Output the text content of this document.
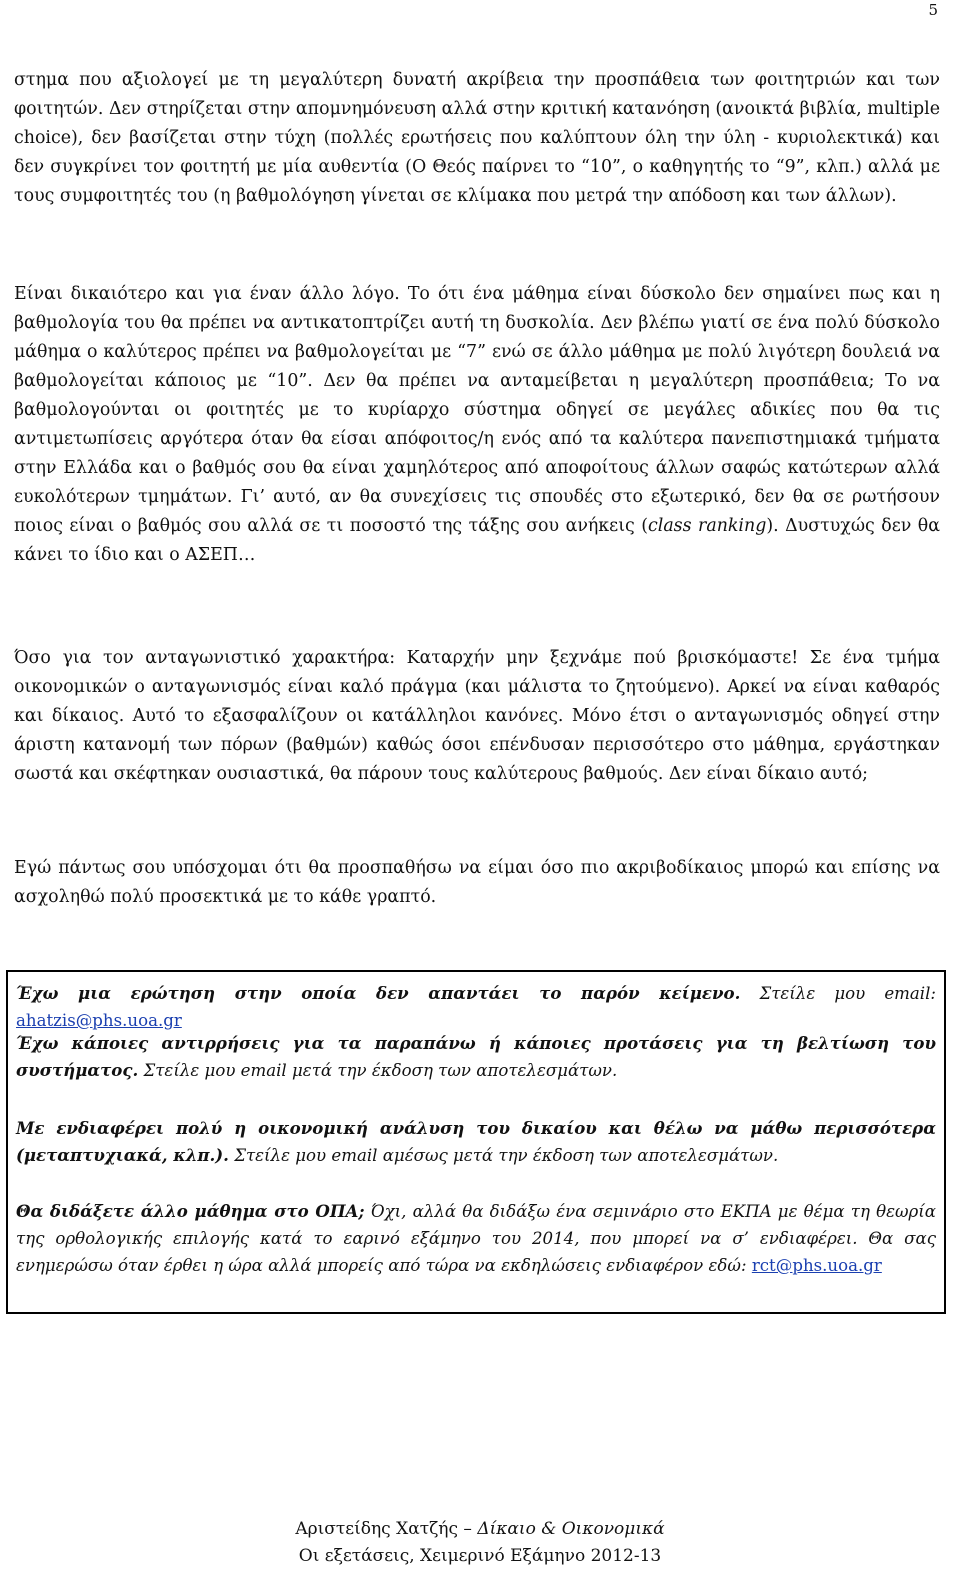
5

στημα που αξιολογεί με τη μεγαλύτερη δυνατή ακρίβεια την προσπάθεια των φοιτητριών και των φοιτητών. Δεν στηρίζεται στην απομνημόνευση αλλά στην κριτική κατανόηση (ανοικτά βιβλία, multiple choice), δεν βασίζεται στην τύχη (πολλές ερωτήσεις που καλύπτουν όλη την ύλη - κυριολεκτικά) και δεν συγκρίνει τον φοιτητή με μία αυθεντία (Ο Θεός παίρνει το “10”, ο καθηγητής το “9”, κλπ.) αλλά με τους συμφοιτητές του (η βαθμολόγηση γίνεται σε κλίμακα που μετρά την απόδοση και των άλλων).

Είναι δικαιότερο και για έναν άλλο λόγο. Το ότι ένα μάθημα είναι δύσκολο δεν σημαίνει πως και η βαθμολογία του θα πρέπει να αντικατοπτρίζει αυτή τη δυσκολία. Δεν βλέπω γιατί σε ένα πολύ δύσκολο μάθημα ο καλύτερος πρέπει να βαθμολογείται με “7” ενώ σε άλλο μάθημα με πολύ λιγότερη δουλειά να βαθμολογείται κάποιος με “10”. Δεν θα πρέπει να ανταμείβεται η μεγαλύτερη προσπάθεια; Το να βαθμολογούνται οι φοιτητές με το κυρίαρχο σύστημα οδηγεί σε μεγάλες αδικίες που θα τις αντιμετωπίσεις αργότερα όταν θα είσαι απόφοιτος/η ενός από τα καλύτερα πανεπιστημιακά τμήματα στην Ελλάδα και ο βαθμός σου θα είναι χαμηλότερος από αποφοίτους άλλων σαφώς κατώτερων αλλά ευκολότερων τμημάτων. Γι’ αυτό, αν θα συνεχίσεις τις σπουδές στο εξωτερικό, δεν θα σε ρωτήσουν ποιος είναι ο βαθμός σου αλλά σε τι ποσοστό της τάξης σου ανήκεις (class ranking). Δυστυχώς δεν θα κάνει το ίδιο και ο ΑΣΕΠ…

Όσο για τον ανταγωνιστικό χαρακτήρα: Καταρχήν μην ξεχνάμε πού βρισκόμαστε! Σε ένα τμήμα οικονομικών ο ανταγωνισμός είναι καλό πράγμα (και μάλιστα το ζητούμενο). Αρκεί να είναι καθαρός και δίκαιος. Αυτό το εξασφαλίζουν οι κατάλληλοι κανόνες. Μόνο έτσι ο ανταγωνισμός οδηγεί στην άριστη κατανομή των πόρων (βαθμών) καθώς όσοι επένδυσαν περισσότερο στο μάθημα, εργάστηκαν σωστά και σκέφτηκαν ουσιαστικά, θα πάρουν τους καλύτερους βαθμούς. Δεν είναι δίκαιο αυτό;

Εγώ πάντως σου υπόσχομαι ότι θα προσπαθήσω να είμαι όσο πιο ακριβοδίκαιος μπορώ και επίσης να ασχοληθώ πολύ προσεκτικά με το κάθε γραπτό.

Έχω μια ερώτηση στην οποία δεν απαντάει το παρόν κείμενο. Στείλε μου email: ahatzis@phs.uoa.gr

Έχω κάποιες αντιρρήσεις για τα παραπάνω ή κάποιες προτάσεις για τη βελτίωση του συστήματος. Στείλε μου email μετά την έκδοση των αποτελεσμάτων.

Με ενδιαφέρει πολύ η οικονομική ανάλυση του δικαίου και θέλω να μάθω περισσότερα (μεταπτυχιακά, κλπ.). Στείλε μου email αμέσως μετά την έκδοση των αποτελεσμάτων.

Θα διδάξετε άλλο μάθημα στο ΟΠΑ; Όχι, αλλά θα διδάξω ένα σεμινάριο στο ΕΚΠΑ με θέμα τη θεωρία της ορθολογικής επιλογής κατά το εαρινό εξάμηνο του 2014, που μπορεί να σ’ ενδιαφέρει. Θα σας ενημερώσω όταν έρθει η ώρα αλλά μπορείς από τώρα να εκδηλώσεις ενδιαφέρον εδώ: rct@phs.uoa.gr

Αριστείδης Χατζής – Δίκαιο & Οικονομικά
Οι εξετάσεις, Χειμερινό Εξάμηνο 2012-13
